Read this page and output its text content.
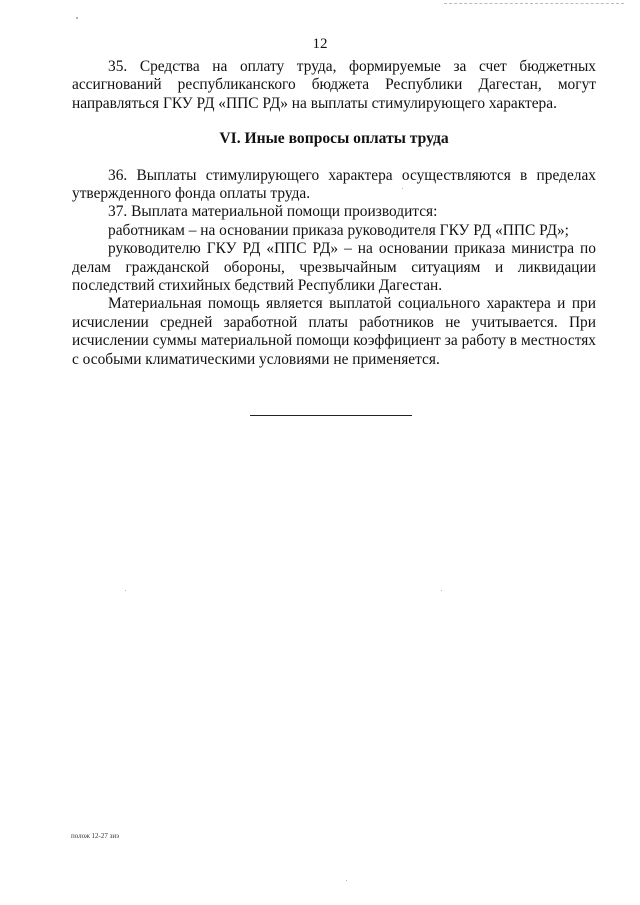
12

35. Средства на оплату труда, формируемые за счет бюджетных ассигнований республиканского бюджета Республики Дагестан, могут направляться ГКУ РД «ППС РД» на выплаты стимулирующего характера.

VI. Иные вопросы оплаты труда

36. Выплаты стимулирующего характера осуществляются в пределах утвержденного фонда оплаты труда.

37. Выплата материальной помощи производится:

работникам – на основании приказа руководителя ГКУ РД «ППС РД»;

руководителю ГКУ РД «ППС РД» – на основании приказа министра по делам гражданской обороны, чрезвычайным ситуациям и ликвидации последствий стихийных бедствий Республики Дагестан.

Материальная помощь является выплатой социального характера и при исчислении средней заработной платы работников не учитывается. При исчислении суммы материальной помощи коэффициент за работу в местностях с особыми климатическими условиями не применяется.

полож 12-27 зиэ
